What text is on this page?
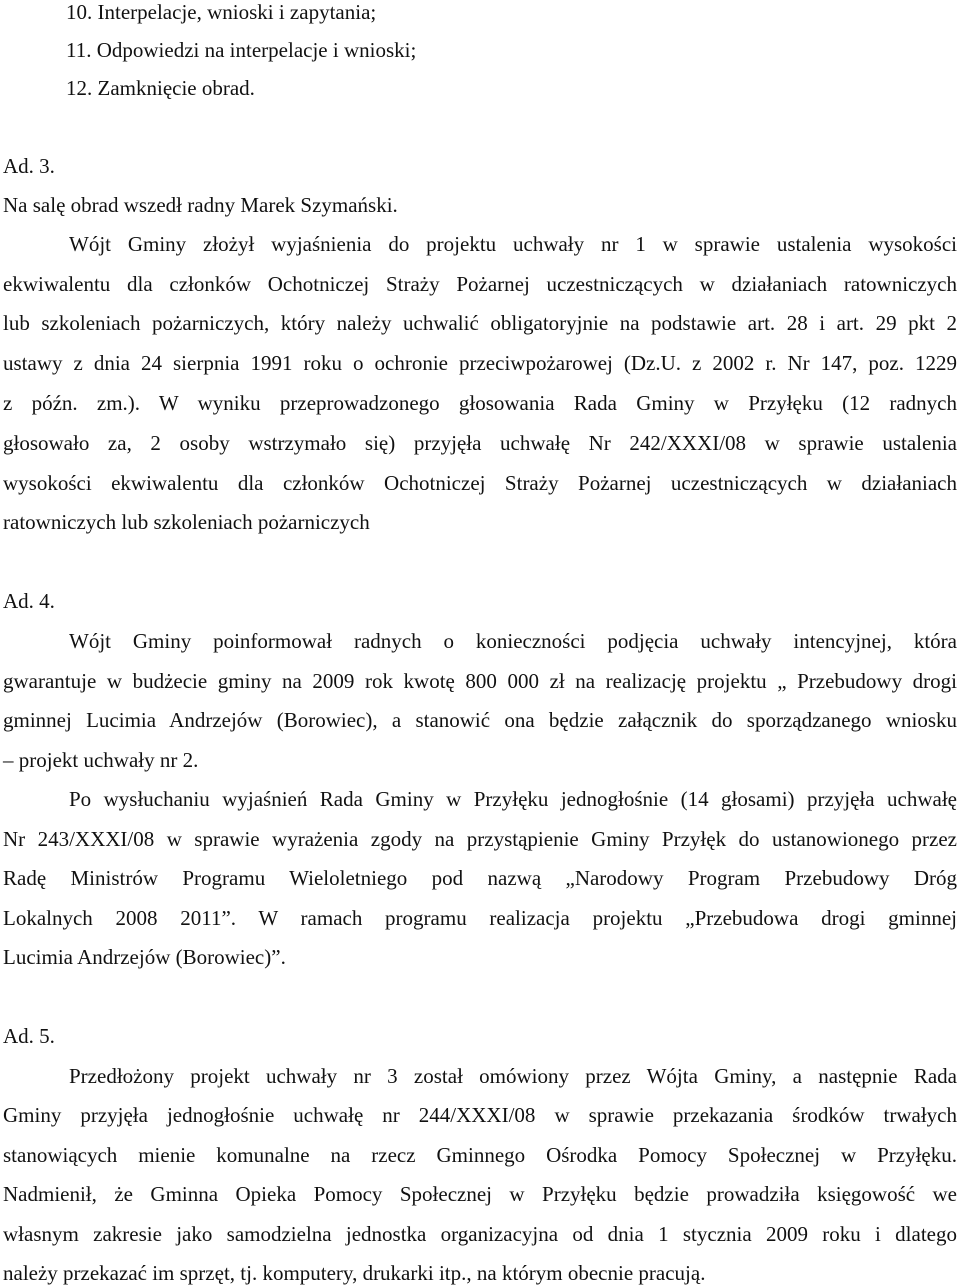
10. Interpelacje, wnioski i zapytania;
11. Odpowiedzi na interpelacje i wnioski;
12. Zamknięcie obrad.
Ad. 3.
Na salę obrad wszedł radny Marek Szymański.
Wójt Gminy złożył wyjaśnienia do projektu uchwały nr 1 w sprawie ustalenia wysokości
ekwiwalentu dla członków Ochotniczej Straży Pożarnej uczestniczących w działaniach ratowniczych
lub szkoleniach pożarniczych, który należy uchwalić obligatoryjnie na podstawie art. 28 i art. 29 pkt 2
ustawy z dnia 24 sierpnia 1991 roku o ochronie przeciwpożarowej (Dz.U. z 2002 r. Nr 147, poz. 1229
z późn. zm.). W wyniku przeprowadzonego głosowania Rada Gminy w Przyłęku (12 radnych
głosowało za, 2 osoby wstrzymało się) przyjęła uchwałę Nr 242/XXXI/08 w sprawie ustalenia
wysokości ekwiwalentu dla członków Ochotniczej Straży Pożarnej uczestniczących w działaniach
ratowniczych lub szkoleniach pożarniczych
Ad. 4.
Wójt Gminy poinformował radnych o konieczności podjęcia uchwały intencyjnej, która
gwarantuje w budżecie gminy na 2009 rok kwotę 800 000 zł na realizację projektu „ Przebudowy drogi
gminnej Lucimia Andrzejów (Borowiec), a stanowić ona będzie załącznik do sporządzanego wniosku
– projekt uchwały nr 2.
Po wysłuchaniu wyjaśnień Rada Gminy w Przyłęku jednogłośnie (14 głosami) przyjęła uchwałę
Nr 243/XXXI/08 w sprawie wyrażenia zgody na przystąpienie Gminy Przyłęk do ustanowionego przez
Radę Ministrów Programu Wieloletniego pod nazwą „Narodowy Program Przebudowy Dróg
Lokalnych 2008 2011”. W ramach programu realizacja projektu „Przebudowa drogi gminnej
Lucimia Andrzejów (Borowiec)”.
Ad. 5.
Przedłożony projekt uchwały nr 3 został omówiony przez Wójta Gminy, a następnie Rada
Gminy przyjęła jednogłośnie uchwałę nr 244/XXXI/08 w sprawie przekazania środków trwałych
stanowiących mienie komunalne na rzecz Gminnego Ośrodka Pomocy Społecznej w Przyłęku.
Nadmienił, że Gminna Opieka Pomocy Społecznej w Przyłęku będzie prowadziła księgowość we
własnym zakresie jako samodzielna jednostka organizacyjna od dnia 1 stycznia 2009 roku i dlatego
należy przekazać im sprzęt, tj. komputery, drukarki itp., na którym obecnie pracują.
